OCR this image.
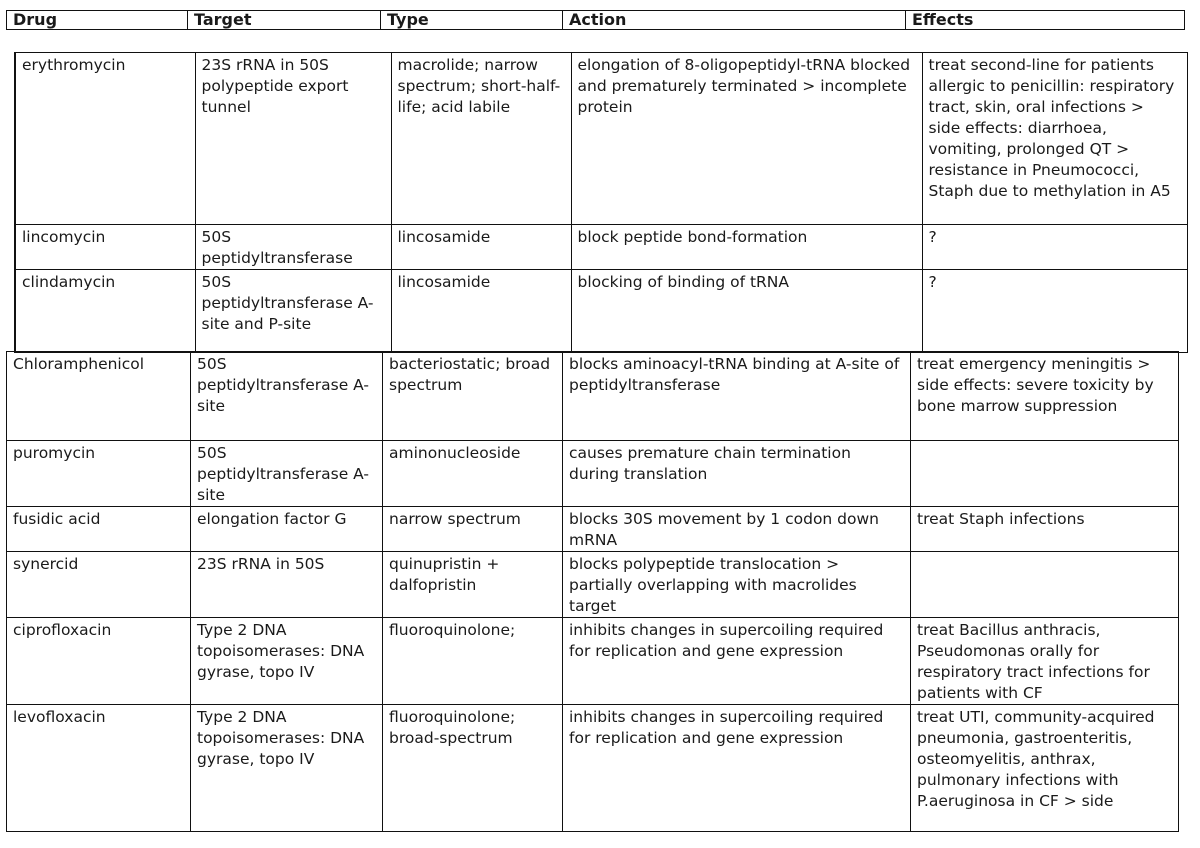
Drug	Target	Type	Action	Effects
erythromycin	23S rRNA in 50S polypeptide export tunnel	macrolide; narrow spectrum; short-half-life; acid labile	elongation of 8-oligopeptidyl-tRNA blocked and prematurely terminated > incomplete protein	treat second-line for patients allergic to penicillin: respiratory tract, skin, oral infections > side effects: diarrhoea, vomiting, prolonged QT > resistance in Pneumococci, Staph due to methylation in A5
lincomycin	50S peptidyltransferase	lincosamide	block peptide bond-formation	?
clindamycin	50S peptidyltransferase A-site and P-site	lincosamide	blocking of binding of tRNA	?
Chloramphenicol	50S peptidyltransferase A-site	bacteriostatic; broad spectrum	blocks aminoacyl-tRNA binding at A-site of peptidyltransferase	treat emergency meningitis > side effects: severe toxicity by bone marrow suppression
puromycin	50S peptidyltransferase A-site	aminonucleoside	causes premature chain termination during translation	
fusidic acid	elongation factor G	narrow spectrum	blocks 30S movement by 1 codon down mRNA	treat Staph infections
synercid	23S rRNA in 50S	quinupristin + dalfopristin	blocks polypeptide translocation > partially overlapping with macrolides target	
ciprofloxacin	Type 2 DNA topoisomerases: DNA gyrase, topo IV	fluoroquinolone;	inhibits changes in supercoiling required for replication and gene expression	treat Bacillus anthracis, Pseudomonas orally for respiratory tract infections for patients with CF
levofloxacin	Type 2 DNA topoisomerases: DNA gyrase, topo IV	fluoroquinolone; broad-spectrum	inhibits changes in supercoiling required for replication and gene expression	treat UTI, community-acquired pneumonia, gastroenteritis, osteomyelitis, anthrax, pulmonary infections with P.aeruginosa in CF > side
